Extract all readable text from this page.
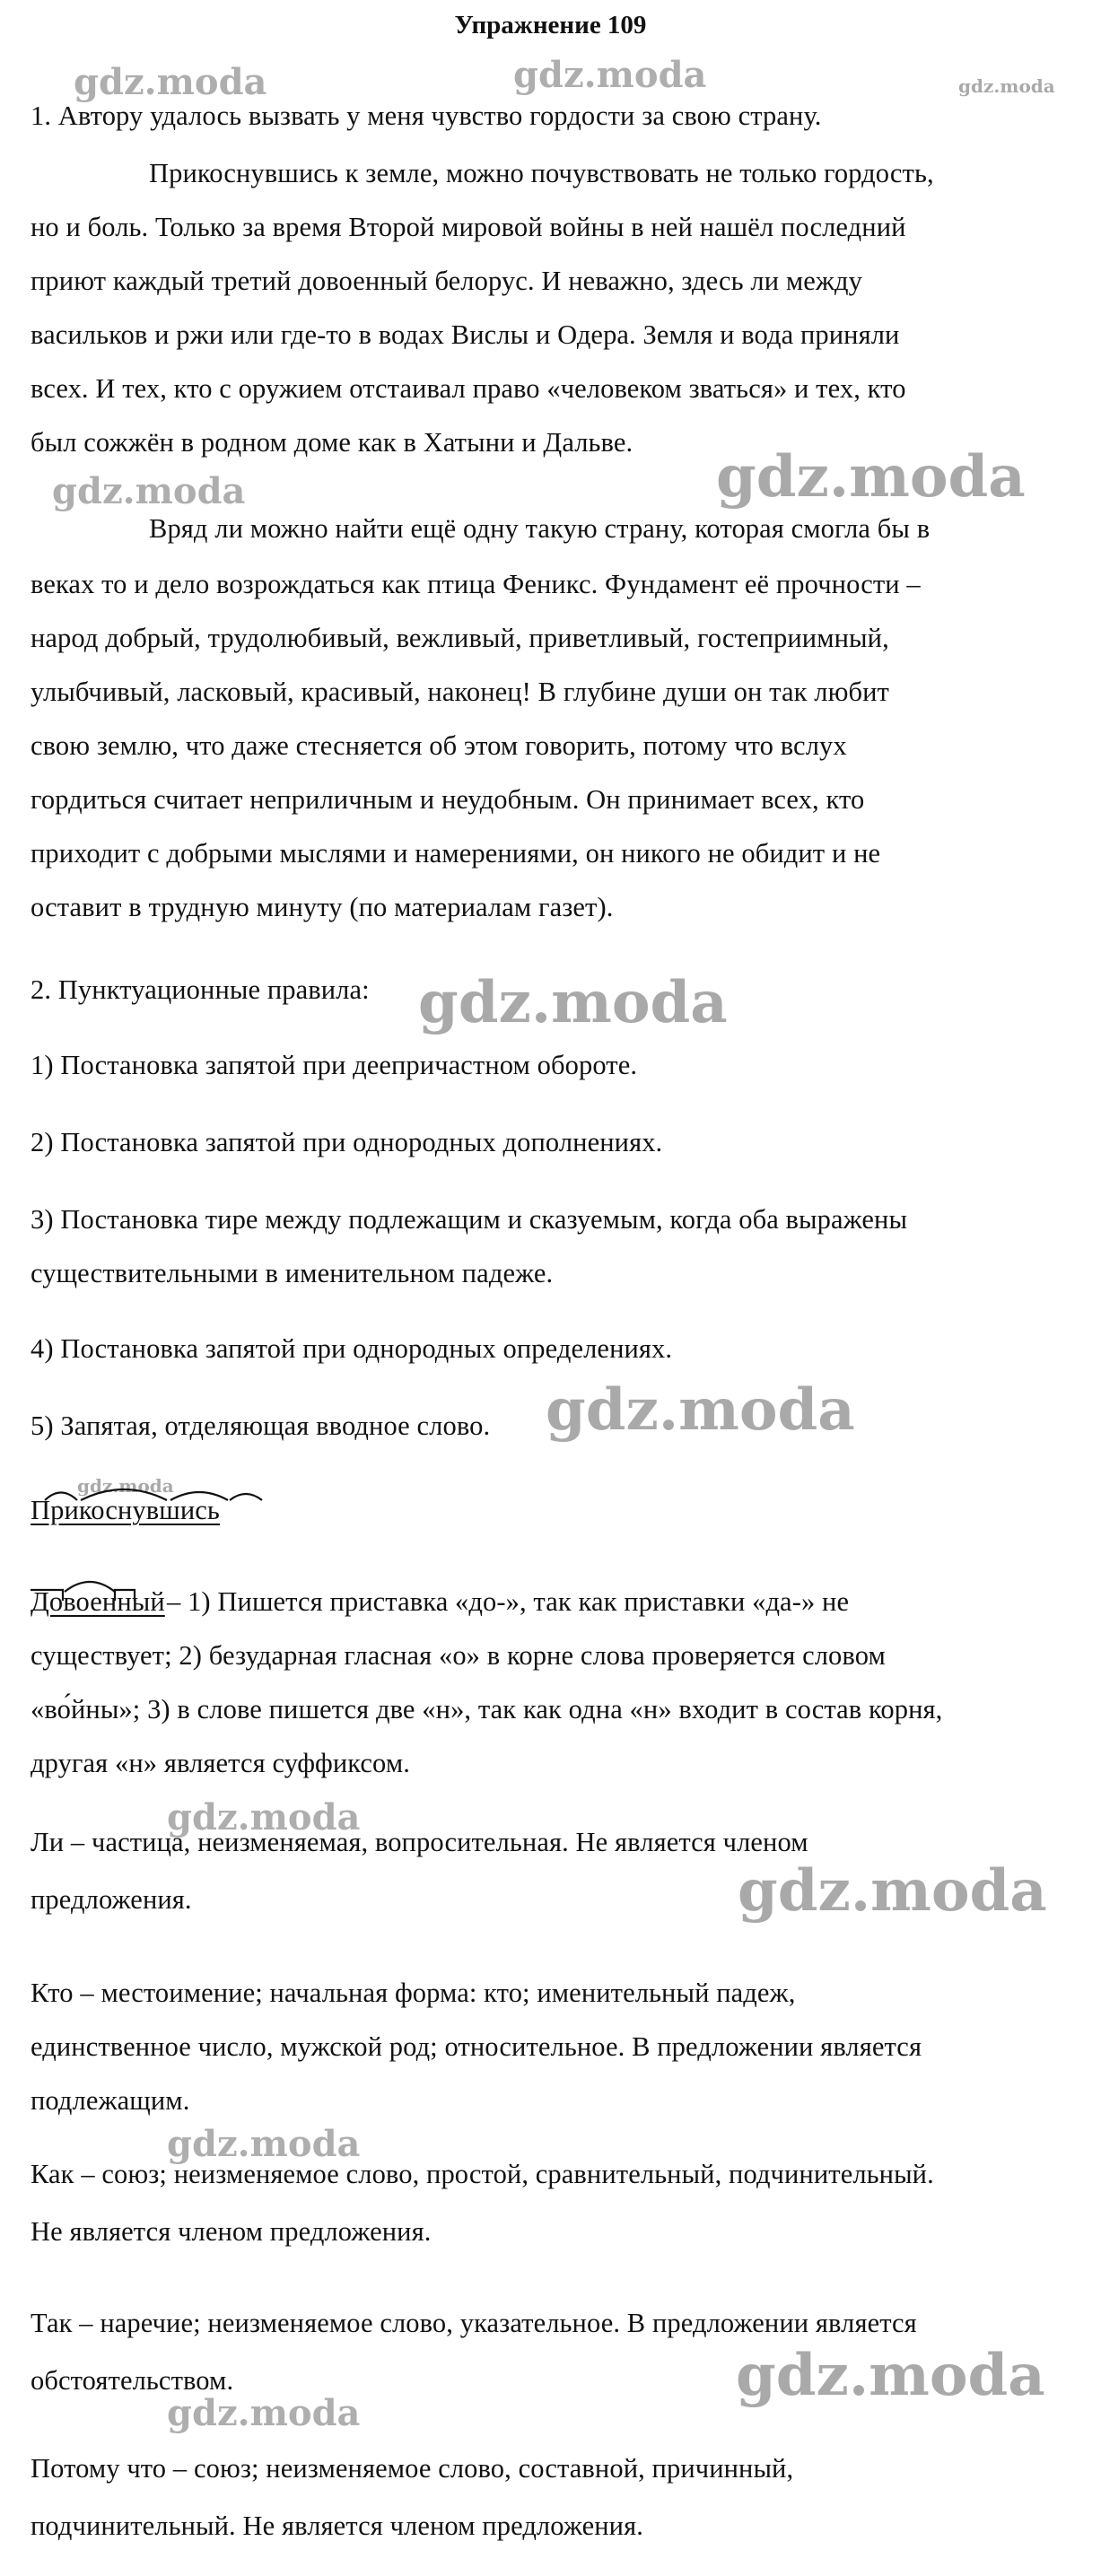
Упражнение 109
1. Автору удалось вызвать у меня чувство гордости за свою страну.
Прикоснувшись к земле, можно почувствовать не только гордость,
но и боль. Только за время Второй мировой войны в ней нашёл последний
приют каждый третий довоенный белорус. И неважно, здесь ли между
васильков и ржи или где-то в водах Вислы и Одера. Земля и вода приняли
всех. И тех, кто с оружием отстаивал право «человеком зваться» и тех, кто
был сожжён в родном доме как в Хатыни и Дальве.
Вряд ли можно найти ещё одну такую страну, которая смогла бы в
веках то и дело возрождаться как птица Феникс. Фундамент её прочности –
народ добрый, трудолюбивый, вежливый, приветливый, гостеприимный,
улыбчивый, ласковый, красивый, наконец! В глубине души он так любит
свою землю, что даже стесняется об этом говорить, потому что вслух
гордиться считает неприличным и неудобным. Он принимает всех, кто
приходит с добрыми мыслями и намерениями, он никого не обидит и не
оставит в трудную минуту (по материалам газет).
2. Пунктуационные правила:
1) Постановка запятой при деепричастном обороте.
2) Постановка запятой при однородных дополнениях.
3) Постановка тире между подлежащим и сказуемым, когда оба выражены
существительными в именительном падеже.
4) Постановка запятой при однородных определениях.
5) Запятая, отделяющая вводное слово.
Прикоснувшись
Довоенный – 1) Пишется приставка «до-», так как приставки «да-» не
существует; 2) безударная гласная «о» в корне слова проверяется словом
«во́йны»; 3) в слове пишется две «н», так как одна «н» входит в состав корня,
другая «н» является суффиксом.
Ли – частица, неизменяемая, вопросительная. Не является членом
предложения.
Кто – местоимение; начальная форма: кто; именительный падеж,
единственное число, мужской род; относительное. В предложении является
подлежащим.
Как – союз; неизменяемое слово, простой, сравнительный, подчинительный.
Не является членом предложения.
Так – наречие; неизменяемое слово, указательное. В предложении является
обстоятельством.
Потому что – союз; неизменяемое слово, составной, причинный,
подчинительный. Не является членом предложения.
gdz.moda	gdz.moda	gdz.moda
gdz.moda	gdz.moda
gdz.moda
gdz.moda
gdz.moda
gdz.moda
gdz.moda
gdz.moda
gdz.moda
gdz.moda
